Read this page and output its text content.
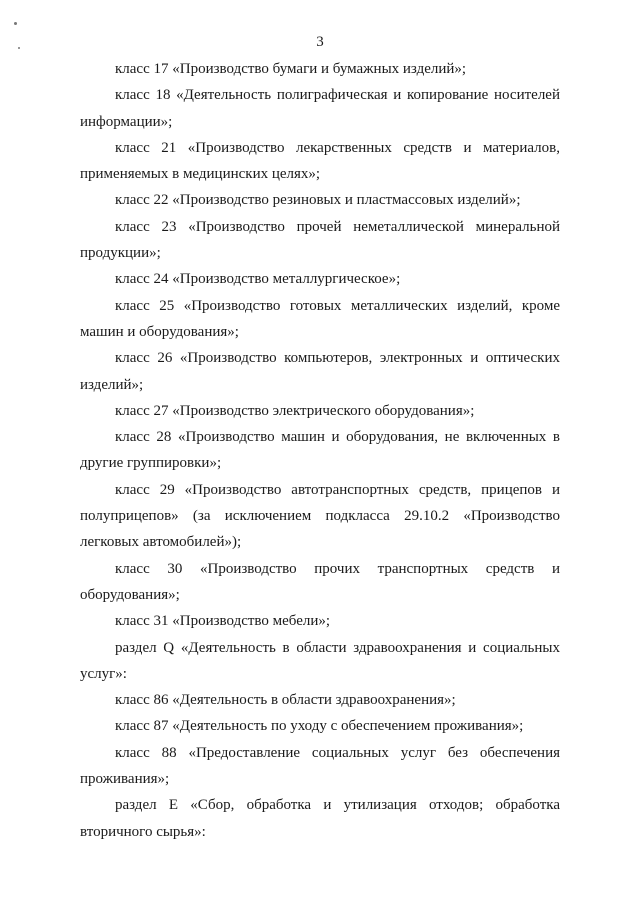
3

класс 17 «Производство бумаги и бумажных изделий»;

класс 18 «Деятельность полиграфическая и копирование носителей информации»;

класс 21 «Производство лекарственных средств и материалов, применяемых в медицинских целях»;

класс 22 «Производство резиновых и пластмассовых изделий»;

класс 23 «Производство прочей неметаллической минеральной продукции»;

класс 24 «Производство металлургическое»;

класс 25 «Производство готовых металлических изделий, кроме машин и оборудования»;

класс 26 «Производство компьютеров, электронных и оптических изделий»;

класс 27 «Производство электрического оборудования»;

класс 28 «Производство машин и оборудования, не включенных в другие группировки»;

класс 29 «Производство автотранспортных средств, прицепов и полуприцепов» (за исключением подкласса 29.10.2 «Производство легковых автомобилей»);

класс 30 «Производство прочих транспортных средств и оборудования»;

класс 31 «Производство мебели»;

раздел Q «Деятельность в области здравоохранения и социальных услуг»:

класс 86 «Деятельность в области здравоохранения»;

класс 87 «Деятельность по уходу с обеспечением проживания»;

класс 88 «Предоставление социальных услуг без обеспечения проживания»;

раздел Е «Сбор, обработка и утилизация отходов; обработка вторичного сырья»:
